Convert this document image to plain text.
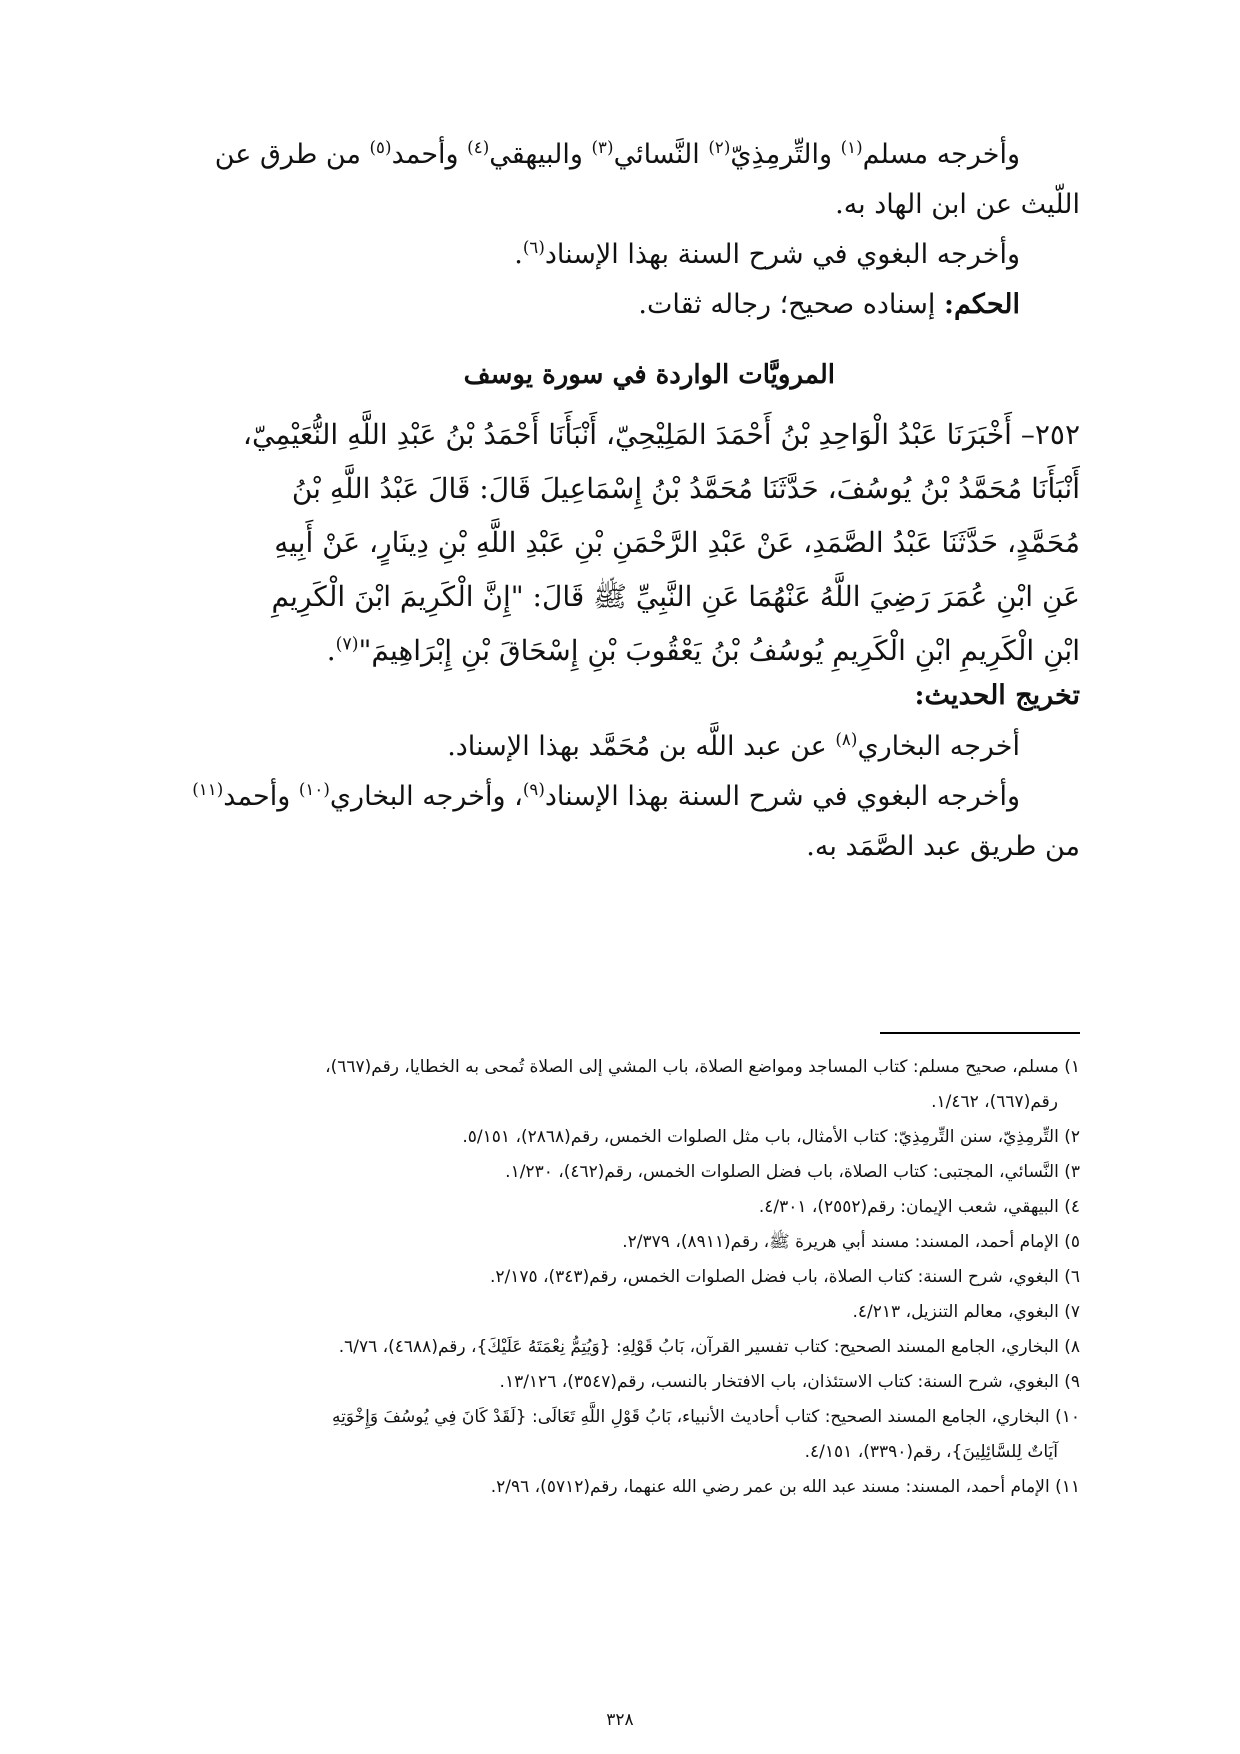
وأخرجه مسلم$^{(١)}$ والتِّرمِذِيّ$^{(٢)}$ النَّسائي$^{(٣)}$ والبيهقي$^{(٤)}$ وأحمد$^{(٥)}$ من طرق عن
اللّيث عن ابن الهاد به.
وأخرجه البغوي في شرح السنة بهذا الإسناد$^{(٦)}$.
الحكم: إسناده صحيح؛ رجاله ثقات.
المرويَّات الواردة في سورة يوسف
٢٥٢– أَخْبَرَنَا عَبْدُ الْوَاحِدِ بْنُ أَحْمَدَ المَلِيْحِيّ، أَنْبَأَنَا أَحْمَدُ بْنُ عَبْدِ اللَّهِ النُّعَيْمِيّ،
أَنْبَأَنَا مُحَمَّدُ بْنُ يُوسُفَ، حَدَّثَنَا مُحَمَّدُ بْنُ إِسْمَاعِيلَ قَالَ: قَالَ عَبْدُ اللَّهِ بْنُ
مُحَمَّدٍ، حَدَّثَنَا عَبْدُ الصَّمَدِ، عَنْ عَبْدِ الرَّحْمَنِ بْنِ عَبْدِ اللَّهِ بْنِ دِينَارٍ، عَنْ أَبِيهِ
عَنِ ابْنِ عُمَرَ رَضِيَ اللَّهُ عَنْهُمَا عَنِ النَّبِيِّ ﷺ قَالَ: "إِنَّ الْكَرِيمَ ابْنَ الْكَرِيمِ
ابْنِ الْكَرِيمِ ابْنِ الْكَرِيمِ يُوسُفُ بْنُ يَعْقُوبَ بْنِ إِسْحَاقَ بْنِ إِبْرَاهِيمَ"$^{(٧)}$.
تخريج الحديث:
أخرجه البخاري$^{(٨)}$ عن عبد اللَّه بن مُحَمَّد بهذا الإسناد.
وأخرجه البغوي في شرح السنة بهذا الإسناد$^{(٩)}$، وأخرجه البخاري$^{(١٠)}$ وأحمد$^{(١١)}$
من طريق عبد الصَّمَد به.
١) مسلم، صحيح مسلم: كتاب المساجد ومواضع الصلاة، باب المشي إلى الصلاة تُمحى به الخطايا، رقم(٦٦٧)،
رقم(٦٦٧)، ١/٤٦٢.
٢) التِّرمِذِيّ، سنن التِّرمِذِيّ: كتاب الأمثال، باب مثل الصلوات الخمس، رقم(٢٨٦٨)، ٥/١٥١.
٣) النَّسائي، المجتبى: كتاب الصلاة، باب فضل الصلوات الخمس، رقم(٤٦٢)، ١/٢٣٠.
٤) البيهقي، شعب الإيمان: رقم(٢٥٥٢)، ٤/٣٠١.
٥) الإمام أحمد، المسند: مسند أبي هريرة ﷺ، رقم(٨٩١١)، ٢/٣٧٩.
٦) البغوي، شرح السنة: كتاب الصلاة، باب فضل الصلوات الخمس، رقم(٣٤٣)، ٢/١٧٥.
٧) البغوي، معالم التنزيل، ٤/٢١٣.
٨) البخاري، الجامع المسند الصحيح: كتاب تفسير القرآن، بَابُ قَوْلِهِ: {وَيُتِمُّ نِعْمَتَهُ عَلَيْكَ}، رقم(٤٦٨٨)، ٦/٧٦.
٩) البغوي، شرح السنة: كتاب الاستئذان، باب الافتخار بالنسب، رقم(٣٥٤٧)، ١٣/١٢٦.
١٠) البخاري، الجامع المسند الصحيح: كتاب أحاديث الأنبياء، بَابُ قَوْلِ اللَّهِ تَعَالَى: {لَقَدْ كَانَ فِي يُوسُفَ وَإِخْوَتِهِ
آيَاتٌ لِلسَّائِلِينَ}، رقم(٣٣٩٠)، ٤/١٥١.
١١) الإمام أحمد، المسند: مسند عبد الله بن عمر رضي الله عنهما، رقم(٥٧١٢)، ٢/٩٦.
٣٢٨
